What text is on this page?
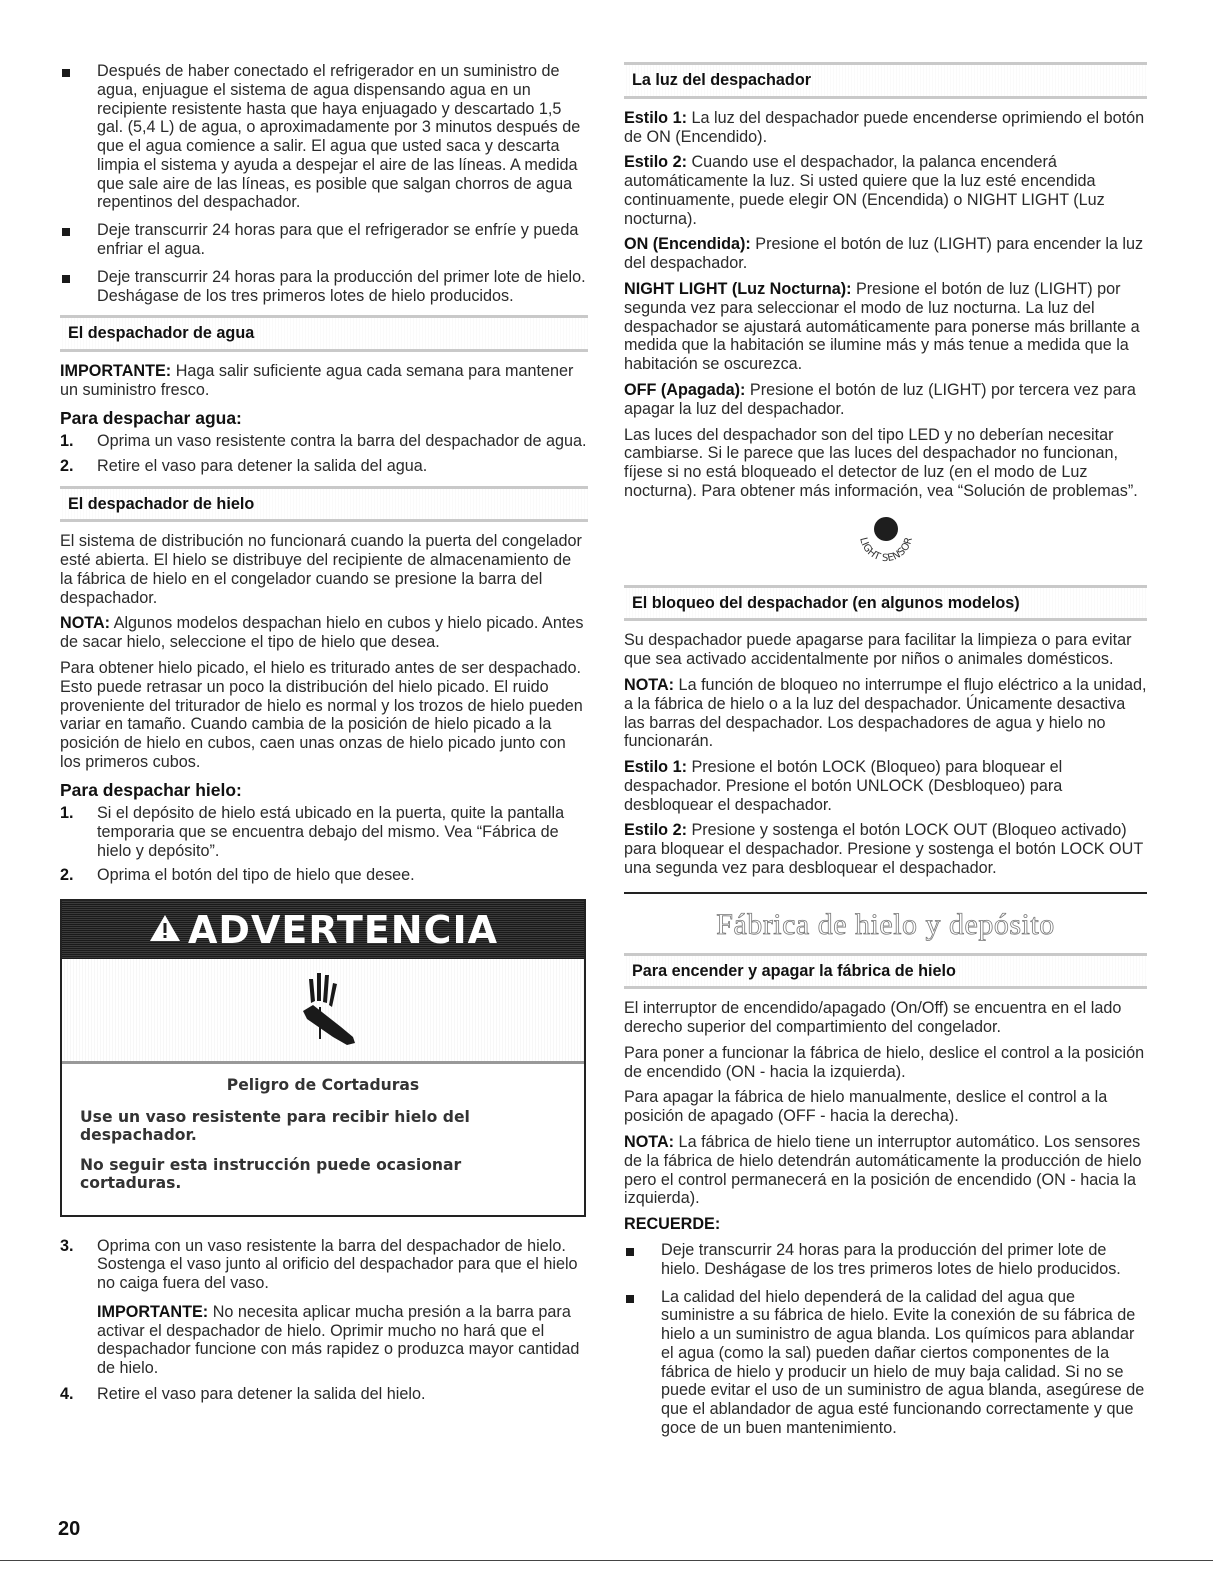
Después de haber conectado el refrigerador en un suministro de agua, enjuague el sistema de agua dispensando agua en un recipiente resistente hasta que haya enjuagado y descartado 1,5 gal. (5,4 L) de agua, o aproximadamente por 3 minutos después de que el agua comience a salir. El agua que usted saca y descarta limpia el sistema y ayuda a despejar el aire de las líneas. A medida que sale aire de las líneas, es posible que salgan chorros de agua repentinos del despachador.
Deje transcurrir 24 horas para que el refrigerador se enfríe y pueda enfriar el agua.
Deje transcurrir 24 horas para la producción del primer lote de hielo. Deshágase de los tres primeros lotes de hielo producidos.
El despachador de agua

IMPORTANTE: Haga salir suficiente agua cada semana para mantener un suministro fresco.

Para despachar agua:
1. Oprima un vaso resistente contra la barra del despachador de agua.
2. Retire el vaso para detener la salida del agua.
El despachador de hielo

El sistema de distribución no funcionará cuando la puerta del congelador esté abierta. El hielo se distribuye del recipiente de almacenamiento de la fábrica de hielo en el congelador cuando se presione la barra del despachador.

NOTA: Algunos modelos despachan hielo en cubos y hielo picado. Antes de sacar hielo, seleccione el tipo de hielo que desea.

Para obtener hielo picado, el hielo es triturado antes de ser despachado. Esto puede retrasar un poco la distribución del hielo picado. El ruido proveniente del triturador de hielo es normal y los trozos de hielo pueden variar en tamaño. Cuando cambia de la posición de hielo picado a la posición de hielo en cubos, caen unas onzas de hielo picado junto con los primeros cubos.

Para despachar hielo:
1. Si el depósito de hielo está ubicado en la puerta, quite la pantalla temporaria que se encuentra debajo del mismo. Vea “Fábrica de hielo y depósito”.
2. Oprima el botón del tipo de hielo que desee.
ADVERTENCIA
Peligro de Cortaduras

Use un vaso resistente para recibir hielo del despachador.

No seguir esta instrucción puede ocasionar cortaduras.

3. Oprima con un vaso resistente la barra del despachador de hielo. Sostenga el vaso junto al orificio del despachador para que el hielo no caiga fuera del vaso.

IMPORTANTE: No necesita aplicar mucha presión a la barra para activar el despachador de hielo. Oprimir mucho no hará que el despachador funcione con más rapidez o produzca mayor cantidad de hielo.

4. Retire el vaso para detener la salida del hielo.
La luz del despachador

Estilo 1: La luz del despachador puede encenderse oprimiendo el botón de ON (Encendido).

Estilo 2: Cuando use el despachador, la palanca encenderá automáticamente la luz. Si usted quiere que la luz esté encendida continuamente, puede elegir ON (Encendida) o NIGHT LIGHT (Luz nocturna).

ON (Encendida): Presione el botón de luz (LIGHT) para encender la luz del despachador.

NIGHT LIGHT (Luz Nocturna): Presione el botón de luz (LIGHT) por segunda vez para seleccionar el modo de luz nocturna. La luz del despachador se ajustará automáticamente para ponerse más brillante a medida que la habitación se ilumine más y más tenue a medida que la habitación se oscurezca.

OFF (Apagada): Presione el botón de luz (LIGHT) por tercera vez para apagar la luz del despachador.

Las luces del despachador son del tipo LED y no deberían necesitar cambiarse. Si le parece que las luces del despachador no funcionan, fíjese si no está bloqueado el detector de luz (en el modo de Luz nocturna). Para obtener más información, vea “Solución de problemas”.

LIGHT SENSOR
El bloqueo del despachador (en algunos modelos)

Su despachador puede apagarse para facilitar la limpieza o para evitar que sea activado accidentalmente por niños o animales domésticos.

NOTA: La función de bloqueo no interrumpe el flujo eléctrico a la unidad, a la fábrica de hielo o a la luz del despachador. Únicamente desactiva las barras del despachador. Los despachadores de agua y hielo no funcionarán.

Estilo 1: Presione el botón LOCK (Bloqueo) para bloquear el despachador. Presione el botón UNLOCK (Desbloqueo) para desbloquear el despachador.

Estilo 2: Presione y sostenga el botón LOCK OUT (Bloqueo activado) para bloquear el despachador. Presione y sostenga el botón LOCK OUT una segunda vez para desbloquear el despachador.

Fábrica de hielo y depósito
Para encender y apagar la fábrica de hielo

El interruptor de encendido/apagado (On/Off) se encuentra en el lado derecho superior del compartimiento del congelador.

Para poner a funcionar la fábrica de hielo, deslice el control a la posición de encendido (ON - hacia la izquierda).

Para apagar la fábrica de hielo manualmente, deslice el control a la posición de apagado (OFF - hacia la derecha).

NOTA: La fábrica de hielo tiene un interruptor automático. Los sensores de la fábrica de hielo detendrán automáticamente la producción de hielo pero el control permanecerá en la posición de encendido (ON - hacia la izquierda).

RECUERDE:

Deje transcurrir 24 horas para la producción del primer lote de hielo. Deshágase de los tres primeros lotes de hielo producidos.
La calidad del hielo dependerá de la calidad del agua que suministre a su fábrica de hielo. Evite la conexión de su fábrica de hielo a un suministro de agua blanda. Los químicos para ablandar el agua (como la sal) pueden dañar ciertos componentes de la fábrica de hielo y producir un hielo de muy baja calidad. Si no se puede evitar el uso de un suministro de agua blanda, asegúrese de que el ablandador de agua esté funcionando correctamente y que goce de un buen mantenimiento.
20
